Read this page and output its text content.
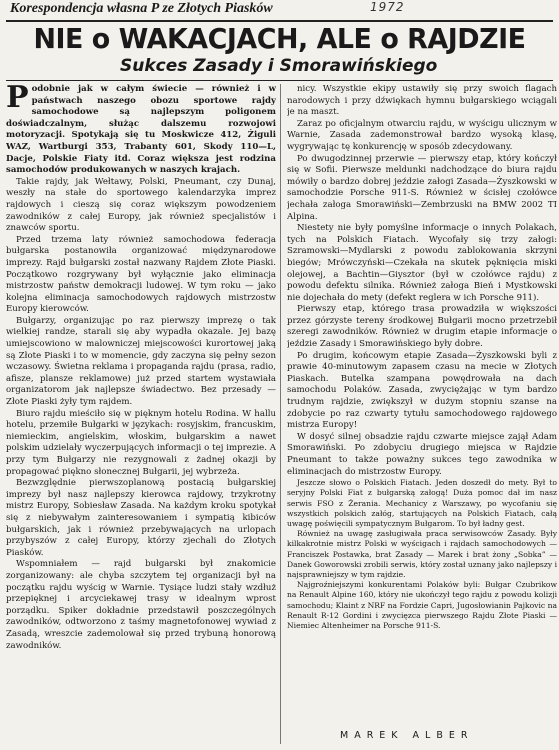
Korespondencja własna P ze Złotych Piasków	1972
NIE o WAKACJACH, ALE o RAJDZIE
Sukces Zasady i Smorawińskiego

Podobnie jak w całym świecie — również i w państwach naszego obozu sportowe rajdy samochodowe są najlepszym poligonem doświadczalnym, służąc dalszemu rozwojowi motoryzacji. Spotykają się tu Moskwicze 412, Żiguli WAZ, Wartburgi 353, Trabanty 601, Skody 110—L, Dacje, Polskie Fiaty itd. Coraz większa jest rodzina samochodów produkowanych w naszych krajach.

Takie rajdy, jak Wełtawy, Polski, Pneumant, czy Dunaj, weszły na stałe do sportowego kalendarzyka imprez rajdowych i cieszą się coraz większym powodzeniem zawodników z całej Europy, jak również specjalistów i znawców sportu.

Przed trzema laty również samochodowa federacja bułgarska postanowiła organizować międzynarodowe imprezy. Rajd bułgarski został nazwany Rajdem Złote Piaski. Początkowo rozgrywany był wyłącznie jako eliminacja mistrzostw państw demokracji ludowej. W tym roku — jako kolejna eliminacja samochodowych rajdowych mistrzostw Europy kierowców.

Bułgarzy, organizując po raz pierwszy imprezę o tak wielkiej randze, starali się aby wypadła okazale. Jej bazę umiejscowiono w malowniczej miejscowości kurortowej jaką są Złote Piaski i to w momencie, gdy zaczyna się pełny sezon wczasowy. Świetna reklama i propaganda rajdu (prasa, radio, afisze, plansze reklamowe) już przed startem wystawiała organizatorom jak najlepsze świadectwo. Bez przesady — Złote Piaski żyły tym rajdem.

Biuro rajdu mieściło się w pięknym hotelu Rodina. W hallu hotelu, przemiłe Bułgarki w językach: rosyjskim, francuskim, niemieckim, angielskim, włoskim, bułgarskim a nawet polskim udzielały wyczerpujących informacji o tej imprezie. A przy tym Bułgarzy nie rezygnowali z żadnej okazji by propagować piękno słonecznej Bułgarii, jej wybrzeża.

Bezwzględnie pierwszoplanową postacią bułgarskiej imprezy był nasz najlepszy kierowca rajdowy, trzykrotny mistrz Europy, Sobiesław Zasada. Na każdym kroku spotykał się z niebywałym zainteresowaniem i sympatią kibiców bułgarskich, jak i również przebywających na urlopach przybyszów z całej Europy, którzy zjechali do Złotych Piasków.

Wspomniałem — rajd bułgarski był znakomicie zorganizowany: ale chyba szczytem tej organizacji był na początku rajdu wyścig w Warnie. Tysiące ludzi stały wzdłuż przepięknej i arcyciekawej trasy w idealnym wprost porządku. Spiker dokładnie przedstawił poszczególnych zawodników, odtworzono z taśmy magnetofonowej wywiad z Zasadą, wreszcie zademolował się przed trybuną honorową zawodników.

nicy. Wszystkie ekipy ustawiły się przy swoich flagach narodowych i przy dźwiękach hymnu bułgarskiego wciągali je na maszt.

Zaraz po oficjalnym otwarciu rajdu, w wyścigu ulicznym w Warnie, Zasada zademonstrował bardzo wysoką klasę, wygrywając tę konkurencję w sposób zdecydowany.

Po dwugodzinnej przerwie — pierwszy etap, który kończył się w Sofii. Pierwsze meldunki nadchodzące do biura rajdu mówiły o bardzo dobrej jeździe załogi Zasada—Żyszkowski w samochodzie Porsche 911-S. Również w ścisłej czołówce jechała załoga Smorawiński—Zembrzuski na BMW 2002 TI Alpina.

Niestety nie były pomyślne informacje o innych Polakach, tych na Polskich Fiatach. Wycofały się trzy załogi: Szramowski—Mydlarski z powodu zablokowania skrzyni biegów; Mrówczyński—Czekała na skutek pęknięcia miski olejowej, a Bachtin—Giysztor (był w czołówce rajdu) z powodu defektu silnika. Również załoga Bień i Mystkowski nie dojechała do mety (defekt reglera w ich Porsche 911).

Pierwszy etap, którego trasa prowadziła w większości przez górzyste tereny środkowej Bułgarii mocno przetrzebił szeregi zawodników. Również w drugim etapie informacje o jeździe Zasady i Smorawińskiego były dobre.

Po drugim, końcowym etapie Zasada—Żyszkowski byli z prawie 40-minutowym zapasem czasu na mecie w Złotych Piaskach. Butelka szampana powędrowała na dach samochodu Polaków. Zasada, zwyciężając w tym bardzo trudnym rajdzie, zwiększył w dużym stopniu szanse na zdobycie po raz czwarty tytułu samochodowego rajdowego mistrza Europy!

W dosyć silnej obsadzie rajdu czwarte miejsce zajął Adam Smorawiński. Po zdobyciu drugiego miejsca w Rajdzie Pneumant to także poważny sukces tego zawodnika w eliminacjach do mistrzostw Europy.

Jeszcze słowo o Polskich Fiatach. Jeden doszedł do mety. Był to seryjny Polski Fiat z bułgarską załogą! Duża pomoc dał im nasz serwis FSO z Żerania. Mechanicy z Warszawy, po wycofaniu się wszystkich polskich załóg, startujących na Polskich Fiatach, całą uwagę poświęcili sympatycznym Bułgarom. To był ładny gest.

Również na uwagę zasługiwała praca serwisowców Zasady. Były kilkakrotnie mistrz Polski w wyścigach i rajdach samochodowych — Franciszek Postawka, brat Zasady — Marek i brat żony „Sobka” — Danek Goworowski zrobili serwis, który został uznany jako najlepszy i najsprawniejszy w tym rajdzie.

Najgroźniejszymi konkurentami Polaków byli: Bułgar Czubrikow na Renault Alpine 160, który nie ukończył tego rajdu z powodu kolizji samochodu; Klaint z NRF na Fordzie Capri, Jugosłowianin Pajkovic na Renault R-12 Gordini i zwycięzca pierwszego Rajdu Złote Piaski — Niemiec Altenheimer na Porsche 911-S.

MAREK ALBER
